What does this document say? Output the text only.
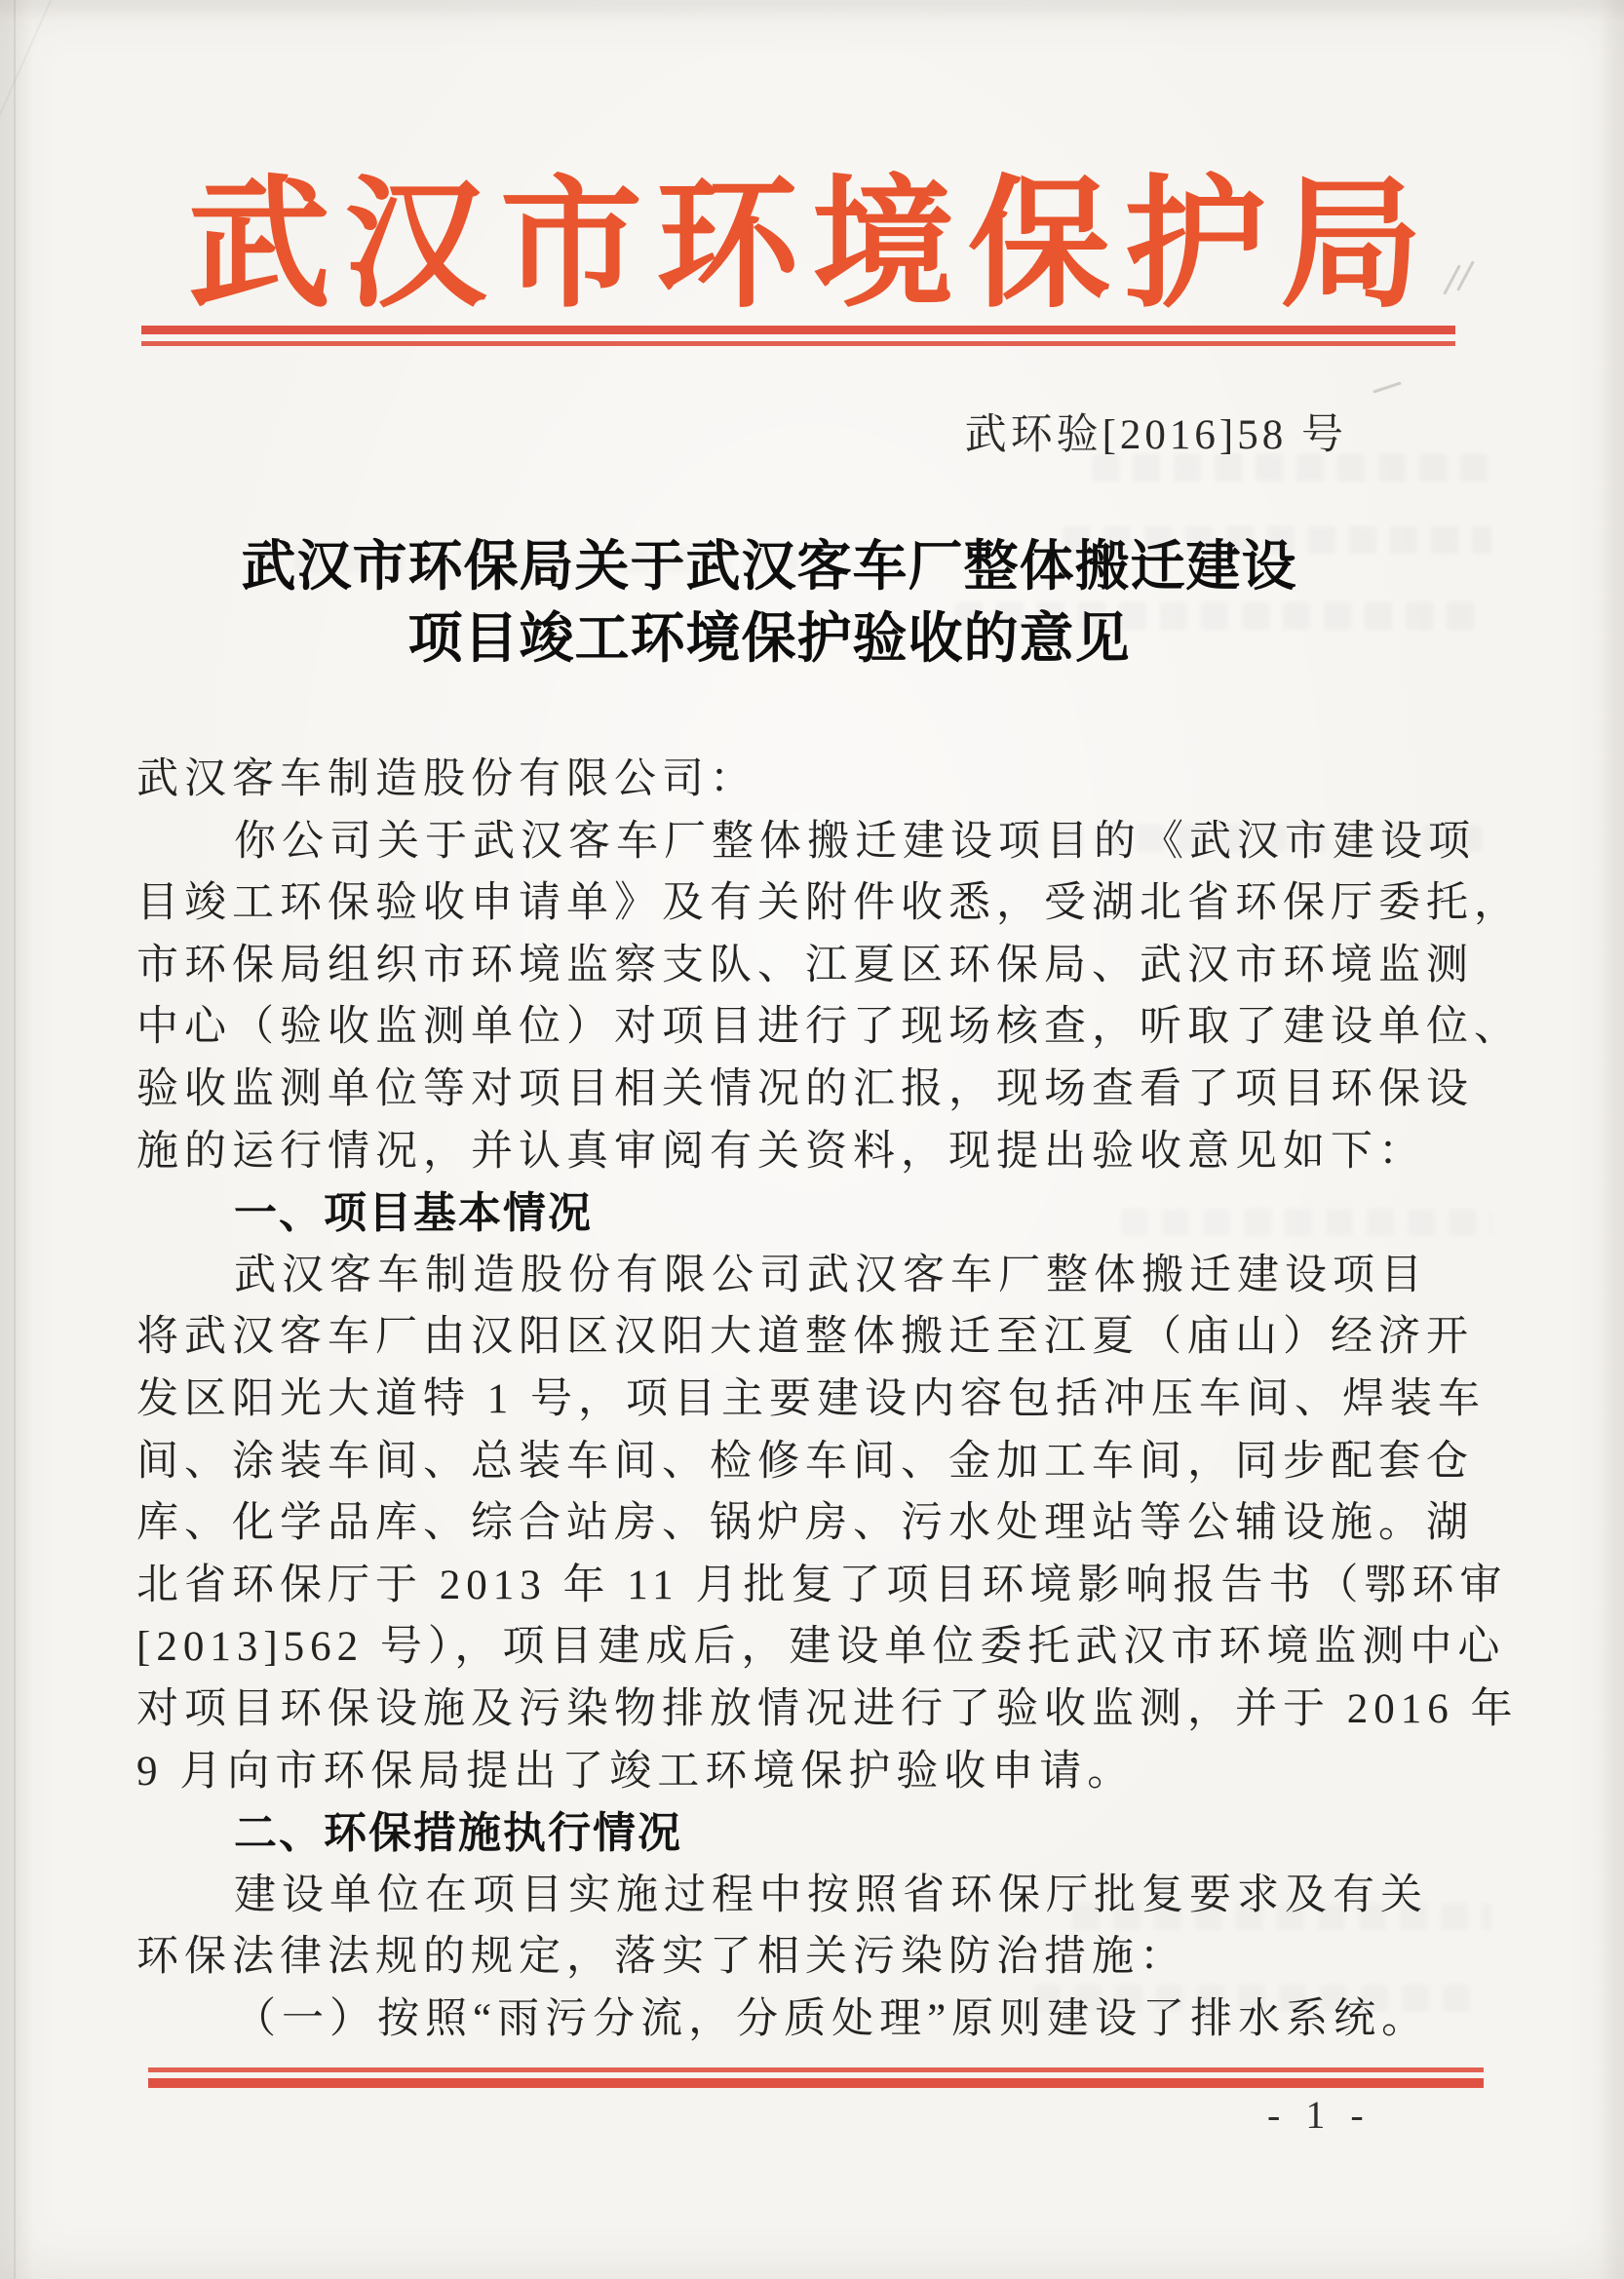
武汉市环境保护局
武环验[2016]58 号
武汉市环保局关于武汉客车厂整体搬迁建设
项目竣工环境保护验收的意见
武汉客车制造股份有限公司：
你公司关于武汉客车厂整体搬迁建设项目的《武汉市建设项
目竣工环保验收申请单》及有关附件收悉，受湖北省环保厅委托，
市环保局组织市环境监察支队、江夏区环保局、武汉市环境监测
中心（验收监测单位）对项目进行了现场核查，听取了建设单位、
验收监测单位等对项目相关情况的汇报，现场查看了项目环保设
施的运行情况，并认真审阅有关资料，现提出验收意见如下：
一、项目基本情况
武汉客车制造股份有限公司武汉客车厂整体搬迁建设项目
将武汉客车厂由汉阳区汉阳大道整体搬迁至江夏（庙山）经济开
发区阳光大道特 1 号，项目主要建设内容包括冲压车间、焊装车
间、涂装车间、总装车间、检修车间、金加工车间，同步配套仓
库、化学品库、综合站房、锅炉房、污水处理站等公辅设施。湖
北省环保厅于 2013 年 11 月批复了项目环境影响报告书（鄂环审
[2013]562 号），项目建成后，建设单位委托武汉市环境监测中心
对项目环保设施及污染物排放情况进行了验收监测，并于 2016 年
9 月向市环保局提出了竣工环境保护验收申请。
二、环保措施执行情况
建设单位在项目实施过程中按照省环保厅批复要求及有关
环保法律法规的规定，落实了相关污染防治措施：
（一）按照“雨污分流，分质处理”原则建设了排水系统。
- 1 -
